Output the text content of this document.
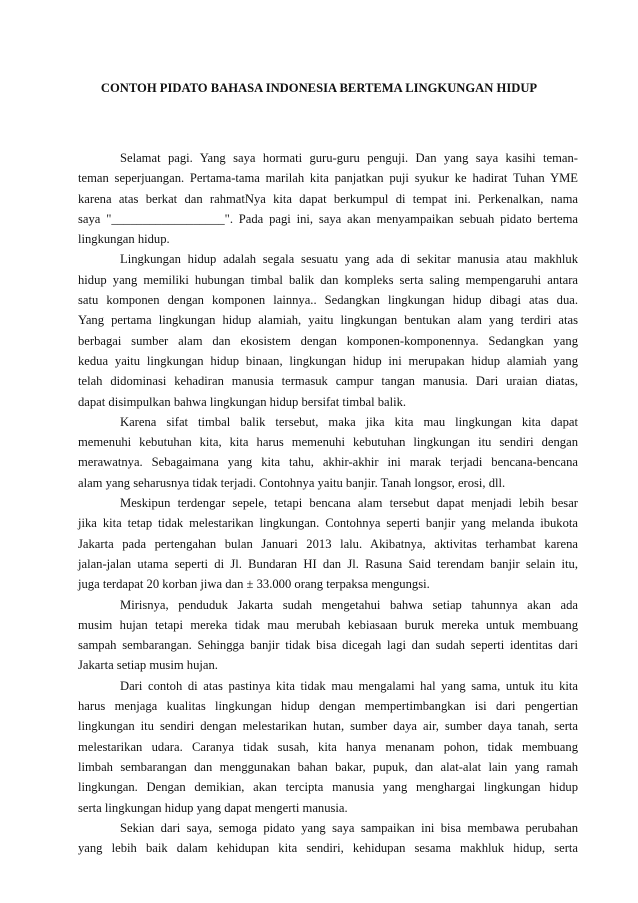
CONTOH PIDATO BAHASA INDONESIA BERTEMA LINGKUNGAN HIDUP
Selamat pagi. Yang saya hormati guru-guru penguji. Dan yang saya kasihi teman-
teman seperjuangan. Pertama-tama marilah kita panjatkan puji syukur ke hadirat Tuhan YME
karena atas berkat dan rahmatNya kita dapat berkumpul di tempat ini. Perkenalkan, nama
saya "__________________". Pada pagi ini, saya akan menyampaikan sebuah pidato bertema
lingkungan hidup.
Lingkungan hidup adalah segala sesuatu yang ada di sekitar manusia atau makhluk
hidup yang memiliki hubungan timbal balik dan kompleks serta saling mempengaruhi antara
satu komponen dengan komponen lainnya.. Sedangkan lingkungan hidup dibagi atas dua.
Yang pertama lingkungan hidup alamiah, yaitu lingkungan bentukan alam yang terdiri atas
berbagai sumber alam dan ekosistem dengan komponen-komponennya. Sedangkan yang
kedua yaitu lingkungan hidup binaan, lingkungan hidup ini merupakan hidup alamiah yang
telah didominasi kehadiran manusia termasuk campur tangan manusia. Dari uraian diatas,
dapat disimpulkan bahwa lingkungan hidup bersifat timbal balik.
Karena sifat timbal balik tersebut, maka jika kita mau lingkungan kita dapat
memenuhi kebutuhan kita, kita harus memenuhi kebutuhan lingkungan itu sendiri dengan
merawatnya. Sebagaimana yang kita tahu, akhir-akhir ini marak terjadi bencana-bencana
alam yang seharusnya tidak terjadi. Contohnya yaitu banjir. Tanah longsor, erosi, dll.
Meskipun terdengar sepele, tetapi bencana alam tersebut dapat menjadi lebih besar
jika kita tetap tidak melestarikan lingkungan. Contohnya seperti banjir yang melanda ibukota
Jakarta pada pertengahan bulan Januari 2013 lalu. Akibatnya, aktivitas terhambat karena
jalan-jalan utama seperti di Jl. Bundaran HI dan Jl. Rasuna Said terendam banjir selain itu,
juga terdapat 20 korban jiwa dan ± 33.000 orang terpaksa mengungsi.
Mirisnya, penduduk Jakarta sudah mengetahui bahwa setiap tahunnya akan ada
musim hujan tetapi mereka tidak mau merubah kebiasaan buruk mereka untuk membuang
sampah sembarangan. Sehingga banjir tidak bisa dicegah lagi dan sudah seperti identitas dari
Jakarta setiap musim hujan.
Dari contoh di atas pastinya kita tidak mau mengalami hal yang sama, untuk itu kita
harus menjaga kualitas lingkungan hidup dengan mempertimbangkan isi dari pengertian
lingkungan itu sendiri dengan melestarikan hutan, sumber daya air, sumber daya tanah, serta
melestarikan udara. Caranya tidak susah, kita hanya menanam pohon, tidak membuang
limbah sembarangan dan menggunakan bahan bakar, pupuk, dan alat-alat lain yang ramah
lingkungan. Dengan demikian, akan tercipta manusia yang menghargai lingkungan hidup
serta lingkungan hidup yang dapat mengerti manusia.
Sekian dari saya, semoga pidato yang saya sampaikan ini bisa membawa perubahan
yang lebih baik dalam kehidupan kita sendiri, kehidupan sesama makhluk hidup, serta
